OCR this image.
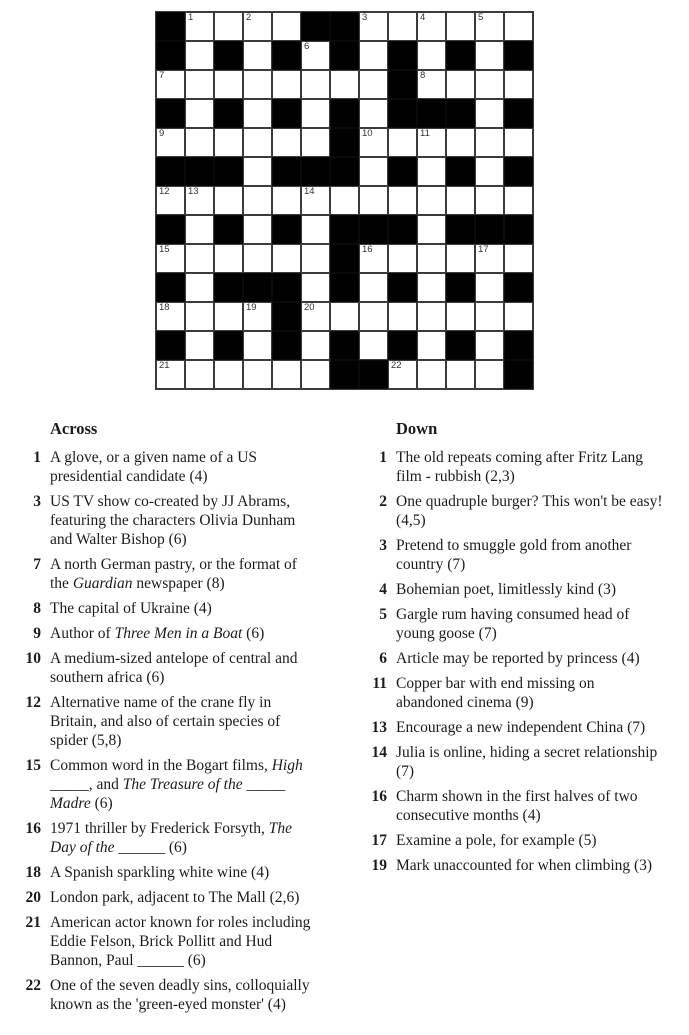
1	2	3	4	5
6
7	8
9	10	11
12 13	14
15	16	17
18	19	20
21	22
Across
1 A glove, or a given name of a US
presidential candidate (4)
3 US TV show co-created by JJ Abrams,
featuring the characters Olivia Dunham
and Walter Bishop (6)
7 A north German pastry, or the format of
the Guardian newspaper (8)
8 The capital of Ukraine (4)
9 Author of Three Men in a Boat (6)
10 A medium-sized antelope of central and
southern africa (6)
12 Alternative name of the crane fly in
Britain, and also of certain species of
spider (5,8)
15 Common word in the Bogart films, High
_____, and The Treasure of the _____
Madre (6)
16 1971 thriller by Frederick Forsyth, The
Day of the ______ (6)
18 A Spanish sparkling white wine (4)
20 London park, adjacent to The Mall (2,6)
21 American actor known for roles including
Eddie Felson, Brick Pollitt and Hud
Bannon, Paul ______ (6)
22 One of the seven deadly sins, colloquially
known as the 'green-eyed monster' (4)
Down
1 The old repeats coming after Fritz Lang
film - rubbish (2,3)
2 One quadruple burger? This won't be easy!
(4,5)
3 Pretend to smuggle gold from another
country (7)
4 Bohemian poet, limitlessly kind (3)
5 Gargle rum having consumed head of
young goose (7)
6 Article may be reported by princess (4)
11 Copper bar with end missing on
abandoned cinema (9)
13 Encourage a new independent China (7)
14 Julia is online, hiding a secret relationship
(7)
16 Charm shown in the first halves of two
consecutive months (4)
17 Examine a pole, for example (5)
19 Mark unaccounted for when climbing (3)
